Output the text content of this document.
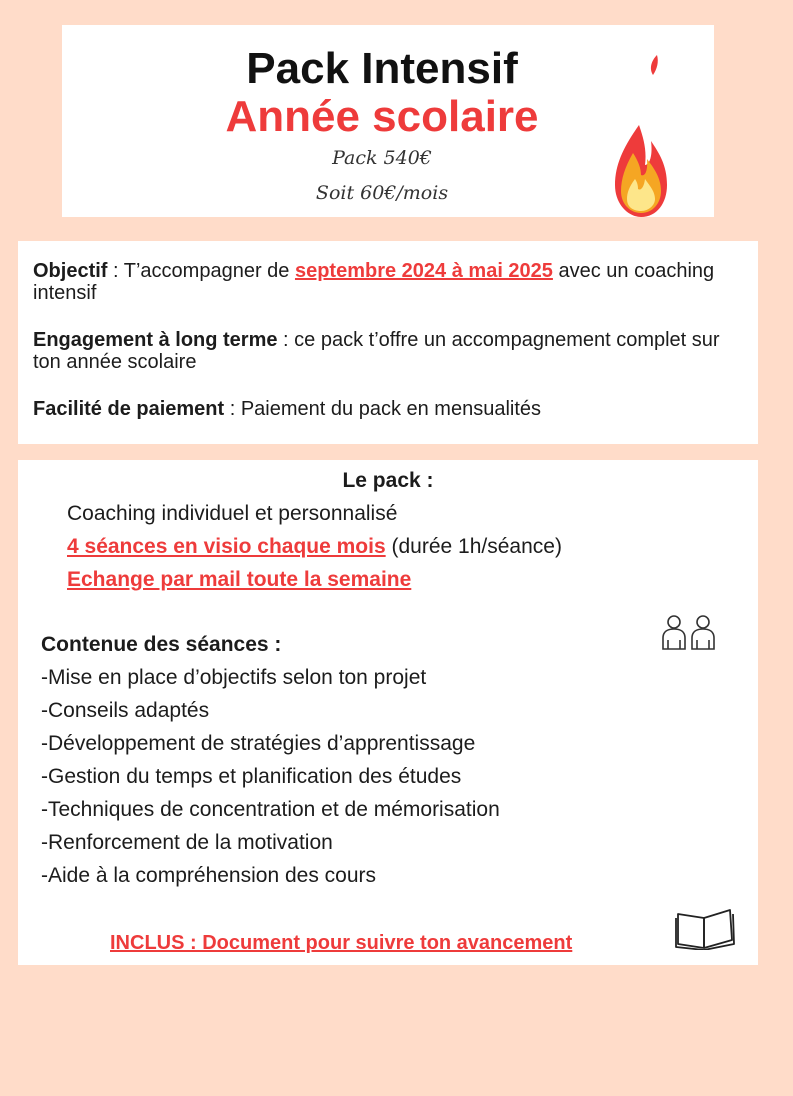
Pack Intensif
Année scolaire
Pack 540€
Soit 60€/mois
Objectif : T’accompagner de septembre 2024 à mai 2025 avec un coaching intensif
Engagement à long terme : ce pack t’offre un accompagnement complet sur ton année scolaire
Facilité de paiement : Paiement du pack en mensualités
Le pack :
Coaching individuel et personnalisé
4 séances en visio chaque mois (durée 1h/séance)
Echange par mail toute la semaine
Contenue des séances :
-Mise en place d’objectifs selon ton projet
-Conseils adaptés
-Développement de stratégies d’apprentissage
-Gestion du temps et planification des études
-Techniques de concentration et de mémorisation
-Renforcement de la motivation
-Aide à la compréhension des cours
INCLUS : Document pour suivre ton avancement
